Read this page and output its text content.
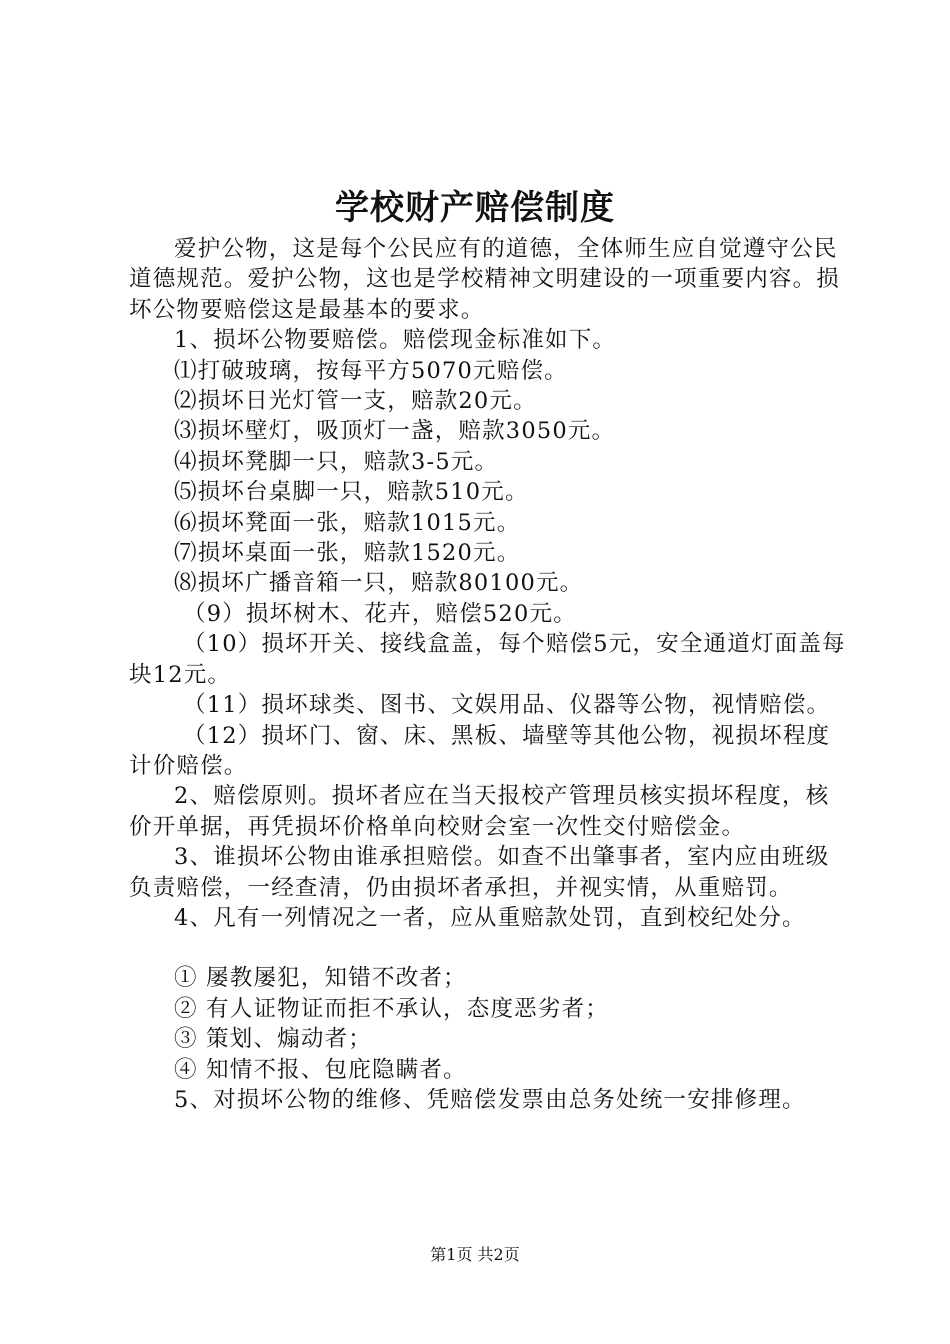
学校财产赔偿制度

爱护公物，这是每个公民应有的道德，全体师生应自觉遵守公民道德规范。爱护公物，这也是学校精神文明建设的一项重要内容。损坏公物要赔偿这是最基本的要求。

1、损坏公物要赔偿。赔偿现金标准如下。

⑴打破玻璃，按每平方5070元赔偿。

⑵损坏日光灯管一支，赔款20元。

⑶损坏壁灯，吸顶灯一盏，赔款3050元。

⑷损坏凳脚一只，赔款3-5元。

⑸损坏台桌脚一只，赔款510元。

⑹损坏凳面一张，赔款1015元。

⑺损坏桌面一张，赔款1520元。

⑻损坏广播音箱一只，赔款80100元。

（9）损坏树木、花卉，赔偿520元。

（10）损坏开关、接线盒盖，每个赔偿5元，安全通道灯面盖每块12元。

（11）损坏球类、图书、文娱用品、仪器等公物，视情赔偿。

（12）损坏门、窗、床、黑板、墙壁等其他公物，视损坏程度计价赔偿。

2、赔偿原则。损坏者应在当天报校产管理员核实损坏程度，核价开单据，再凭损坏价格单向校财会室一次性交付赔偿金。

3、谁损坏公物由谁承担赔偿。如查不出肇事者，室内应由班级负责赔偿，一经查清，仍由损坏者承担，并视实情，从重赔罚。

4、凡有一列情况之一者，应从重赔款处罚，直到校纪处分。

① 屡教屡犯，知错不改者；

② 有人证物证而拒不承认，态度恶劣者；

③ 策划、煽动者；

④ 知情不报、包庇隐瞒者。

5、对损坏公物的维修、凭赔偿发票由总务处统一安排修理。

第1页 共2页
